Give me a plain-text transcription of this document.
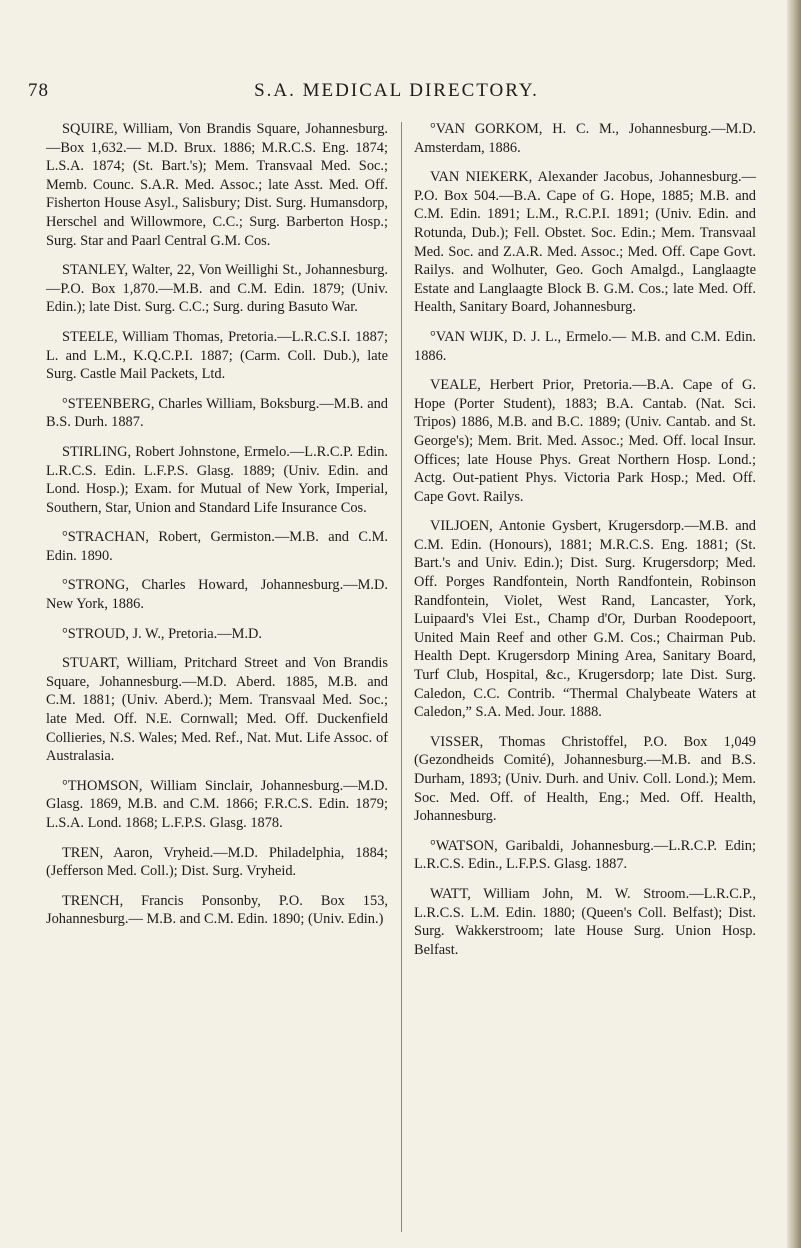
78	S.A. MEDICAL DIRECTORY.

SQUIRE, William, Von Brandis Square, Johannesburg.—Box 1,632.— M.D. Brux. 1886; M.R.C.S. Eng. 1874; L.S.A. 1874; (St. Bart.'s); Mem. Transvaal Med. Soc.; Memb. Counc. S.A.R. Med. Assoc.; late Asst. Med. Off. Fisherton House Asyl., Salisbury; Dist. Surg. Humansdorp, Herschel and Willowmore, C.C.; Surg. Barberton Hosp.; Surg. Star and Paarl Central G.M. Cos.

STANLEY, Walter, 22, Von Weillighi St., Johannesburg.—P.O. Box 1,870.—M.B. and C.M. Edin. 1879; (Univ. Edin.); late Dist. Surg. C.C.; Surg. during Basuto War.

STEELE, William Thomas, Pretoria.—L.R.C.S.I. 1887; L. and L.M., K.Q.C.P.I. 1887; (Carm. Coll. Dub.), late Surg. Castle Mail Packets, Ltd.

°STEENBERG, Charles William, Boksburg.—M.B. and B.S. Durh. 1887.

STIRLING, Robert Johnstone, Ermelo.—L.R.C.P. Edin. L.R.C.S. Edin. L.F.P.S. Glasg. 1889; (Univ. Edin. and Lond. Hosp.); Exam. for Mutual of New York, Imperial, Southern, Star, Union and Standard Life Insurance Cos.

°STRACHAN, Robert, Germiston.—M.B. and C.M. Edin. 1890.

°STRONG, Charles Howard, Johannesburg.—M.D. New York, 1886.

°STROUD, J. W., Pretoria.—M.D.

STUART, William, Pritchard Street and Von Brandis Square, Johannesburg.—M.D. Aberd. 1885, M.B. and C.M. 1881; (Univ. Aberd.); Mem. Transvaal Med. Soc.; late Med. Off. N.E. Cornwall; Med. Off. Duckenfield Collieries, N.S. Wales; Med. Ref., Nat. Mut. Life Assoc. of Australasia.

°THOMSON, William Sinclair, Johannesburg.—M.D. Glasg. 1869, M.B. and C.M. 1866; F.R.C.S. Edin. 1879; L.S.A. Lond. 1868; L.F.P.S. Glasg. 1878.

TREN, Aaron, Vryheid.—M.D. Philadelphia, 1884; (Jefferson Med. Coll.); Dist. Surg. Vryheid.

TRENCH, Francis Ponsonby, P.O. Box 153, Johannesburg.— M.B. and C.M. Edin. 1890; (Univ. Edin.)

°VAN GORKOM, H. C. M., Johannesburg.—M.D. Amsterdam, 1886.

VAN NIEKERK, Alexander Jacobus, Johannesburg.—P.O. Box 504.—B.A. Cape of G. Hope, 1885; M.B. and C.M. Edin. 1891; L.M., R.C.P.I. 1891; (Univ. Edin. and Rotunda, Dub.); Fell. Obstet. Soc. Edin.; Mem. Transvaal Med. Soc. and Z.A.R. Med. Assoc.; Med. Off. Cape Govt. Railys. and Wolhuter, Geo. Goch Amalgd., Langlaagte Estate and Langlaagte Block B. G.M. Cos.; late Med. Off. Health, Sanitary Board, Johannesburg.

°VAN WIJK, D. J. L., Ermelo.— M.B. and C.M. Edin. 1886.

VEALE, Herbert Prior, Pretoria.—B.A. Cape of G. Hope (Porter Student), 1883; B.A. Cantab. (Nat. Sci. Tripos) 1886, M.B. and B.C. 1889; (Univ. Cantab. and St. George's); Mem. Brit. Med. Assoc.; Med. Off. local Insur. Offices; late House Phys. Great Northern Hosp. Lond.; Actg. Out-patient Phys. Victoria Park Hosp.; Med. Off. Cape Govt. Railys.

VILJOEN, Antonie Gysbert, Krugersdorp.—M.B. and C.M. Edin. (Honours), 1881; M.R.C.S. Eng. 1881; (St. Bart.'s and Univ. Edin.); Dist. Surg. Krugersdorp; Med. Off. Porges Randfontein, North Randfontein, Robinson Randfontein, Violet, West Rand, Lancaster, York, Luipaard's Vlei Est., Champ d'Or, Durban Roodepoort, United Main Reef and other G.M. Cos.; Chairman Pub. Health Dept. Krugersdorp Mining Area, Sanitary Board, Turf Club, Hospital, &c., Krugersdorp; late Dist. Surg. Caledon, C.C. Contrib. “Thermal Chalybeate Waters at Caledon,” S.A. Med. Jour. 1888.

VISSER, Thomas Christoffel, P.O. Box 1,049 (Gezondheids Comité), Johannesburg.—M.B. and B.S. Durham, 1893; (Univ. Durh. and Univ. Coll. Lond.); Mem. Soc. Med. Off. of Health, Eng.; Med. Off. Health, Johannesburg.

°WATSON, Garibaldi, Johannesburg.—L.R.C.P. Edin; L.R.C.S. Edin., L.F.P.S. Glasg. 1887.

WATT, William John, M. W. Stroom.—L.R.C.P., L.R.C.S. L.M. Edin. 1880; (Queen's Coll. Belfast); Dist. Surg. Wakkerstroom; late House Surg. Union Hosp. Belfast.
